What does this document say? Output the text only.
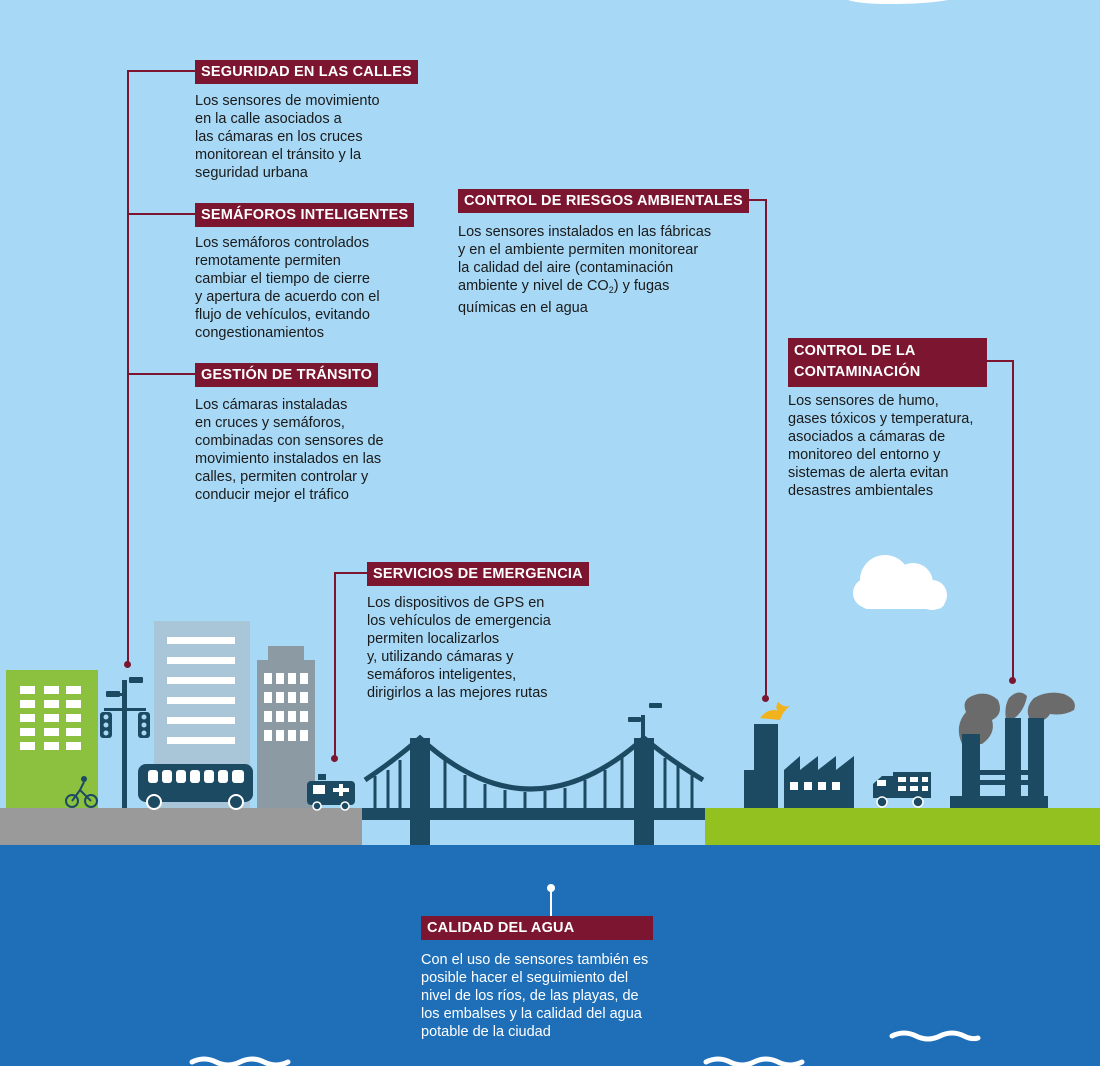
SEGURIDAD EN LAS CALLES
Los sensores de movimiento
en la calle asociados a
las cámaras en los cruces
monitorean el tránsito y la
seguridad urbana
SEMÁFOROS INTELIGENTES
Los semáforos controlados
remotamente permiten
cambiar el tiempo de cierre
y apertura de acuerdo con el
flujo de vehículos, evitando
congestionamientos
GESTIÓN DE TRÁNSITO
Los cámaras instaladas
en cruces y semáforos,
combinadas con sensores de
movimiento instalados en las
calles, permiten controlar y
conducir mejor el tráfico
SERVICIOS DE EMERGENCIA
Los dispositivos de GPS en
los vehículos de emergencia
permiten localizarlos
y, utilizando cámaras y
semáforos inteligentes,
dirigirlos a las mejores rutas
CONTROL DE RIESGOS AMBIENTALES
Los sensores instalados en las fábricas
y en el ambiente permiten monitorear
la calidad del aire (contaminación
ambiente y nivel de $CO_2$) y fugas
químicas en el agua
CONTROL DE LA
CONTAMINACIÓN
Los sensores de humo,
gases tóxicos y temperatura,
asociados a cámaras de
monitoreo del entorno y
sistemas de alerta evitan
desastres ambientales
CALIDAD DEL AGUA
Con el uso de sensores también es
posible hacer el seguimiento del
nivel de los ríos, de las playas, de
los embalses y la calidad del agua
potable de la ciudad
